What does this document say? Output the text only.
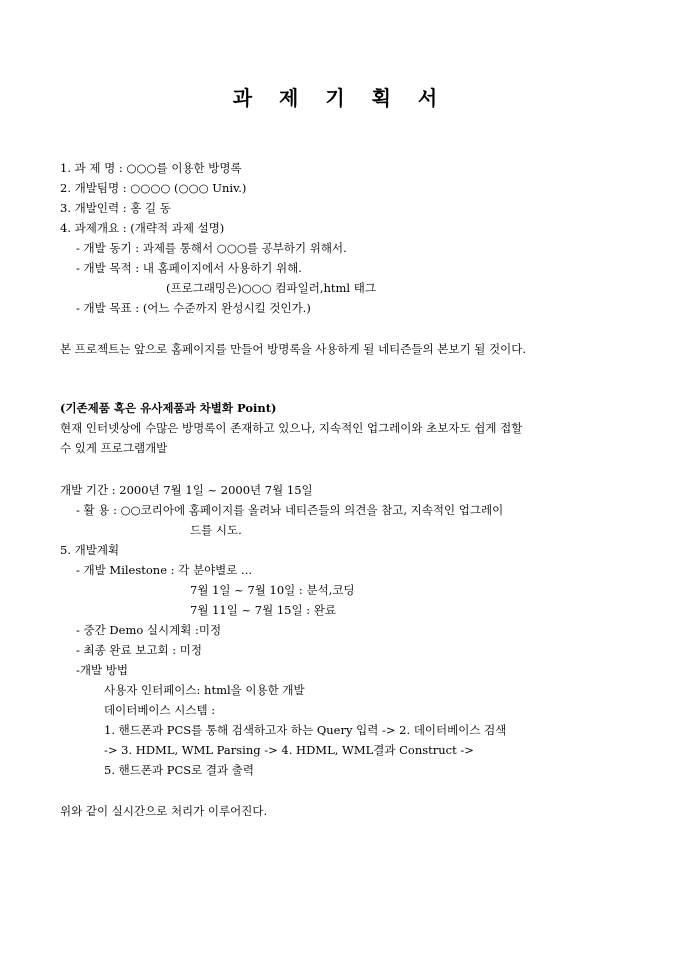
과 제 기 획 서
1. 과 제 명 : ○○○를 이용한 방명록
2. 개발팀명 : ○○○○ (○○○ Univ.)
3. 개발인력 : 홍 길 동
4. 과제개요 : (개략적 과제 설명)
- 개발 동기 : 과제를 통해서 ○○○를 공부하기 위해서.
- 개발 목적 : 내 홈페이지에서 사용하기 위해.
(프로그래밍은)○○○ 컴파일러,html 태그
- 개발 목표 : (어느 수준까지 완성시킬 것인가.)
본 프로젝트는 앞으로 홈페이지를 만들어 방명록을 사용하게 될 네티즌들의 본보기 될 것이다.
(기존제품 혹은 유사제품과 차별화 Point)
현재 인터넷상에 수많은 방명록이 존재하고 있으나, 지속적인 업그레이와 초보자도 쉽게 접할
수 있게 프로그램개발
개발 기간 : 2000년 7월 1일 ~ 2000년 7월 15일
- 활 용 : ○○코리아에 홈페이지를 올려놔 네티즌들의 의견을 참고, 지속적인 업그레이
드를 시도.
5. 개발계획
- 개발 Milestone : 각 분야별로 ...
7월 1일 ~ 7월 10일 : 분석,코딩
7월 11일 ~ 7월 15일 : 완료
- 중간 Demo 실시계획 :미정
- 최종 완료 보고회 : 미정
-개발 방법
사용자 인터페이스: html을 이용한 개발
데이터베이스 시스템 :
1. 핸드폰과 PCS를 통해 검색하고자 하는 Query 입력 -> 2. 데이터베이스 검색
-> 3. HDML, WML Parsing -> 4. HDML, WML결과 Construct ->
5. 핸드폰과 PCS로 결과 출력
위와 같이 실시간으로 처리가 이루어진다.
